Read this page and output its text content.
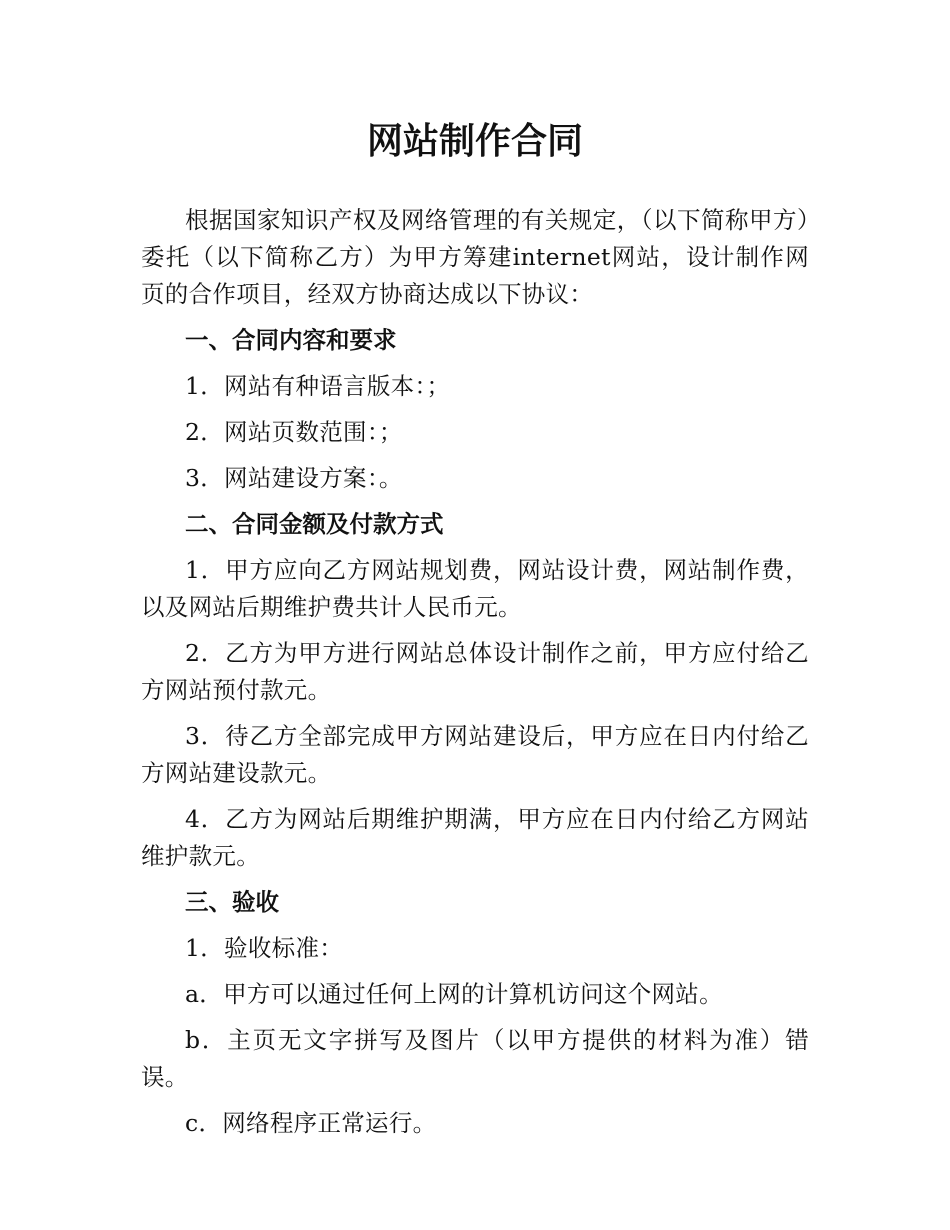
网站制作合同

根据国家知识产权及网络管理的有关规定，（以下简称甲方）委托（以下简称乙方）为甲方筹建internet网站，设计制作网页的合作项目，经双方协商达成以下协议：

一、合同内容和要求

1．网站有种语言版本：；

2．网站页数范围：；

3．网站建设方案：。

二、合同金额及付款方式

1．甲方应向乙方网站规划费，网站设计费，网站制作费，以及网站后期维护费共计人民币元。

2．乙方为甲方进行网站总体设计制作之前，甲方应付给乙方网站预付款元。

3．待乙方全部完成甲方网站建设后，甲方应在日内付给乙方网站建设款元。

4．乙方为网站后期维护期满，甲方应在日内付给乙方网站维护款元。

三、验收

1．验收标准：

a．甲方可以通过任何上网的计算机访问这个网站。

b．主页无文字拼写及图片（以甲方提供的材料为准）错误。

c．网络程序正常运行。
